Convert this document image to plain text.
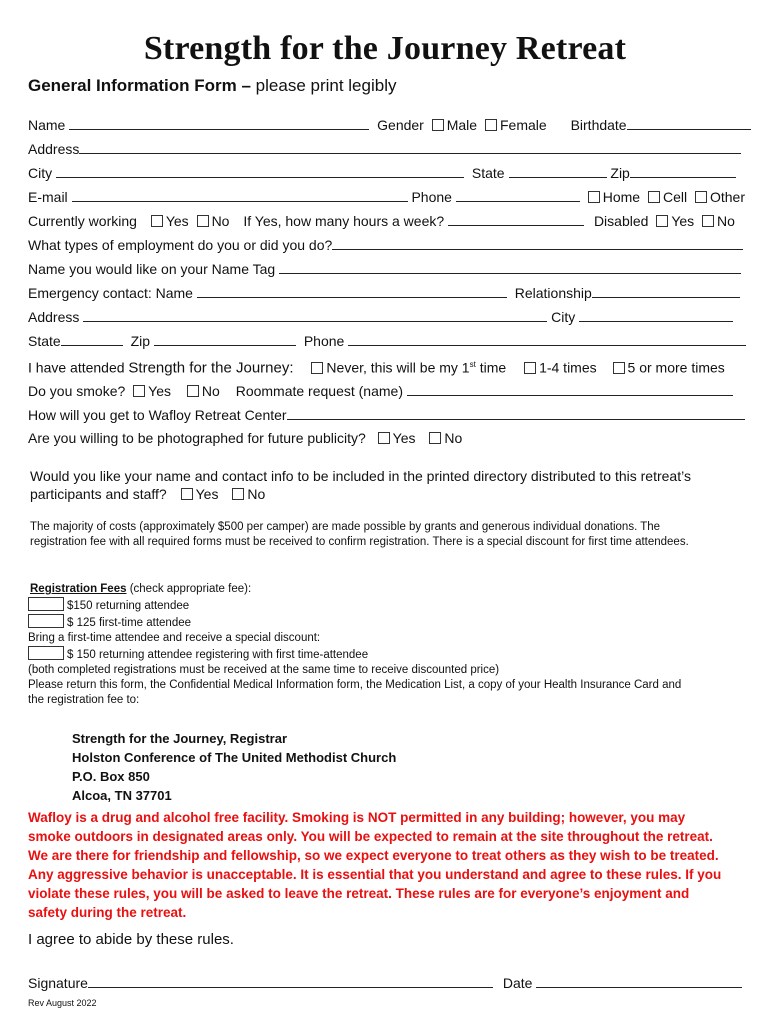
Strength for the Journey Retreat
General Information Form – please print legibly
Name	Gender Male Female Birthdate
Address
City	State	Zip
E-mail	Phone	Home Cell Other
Currently working Yes No If Yes, how many hours a week?	Disabled Yes No
What types of employment do you or did you do?
Name you would like on your Name Tag
Emergency contact: Name	Relationship
Address	City
State	Zip	Phone
I have attended Strength for the Journey: Never, this will be my 1st time 1-4 times 5 or more times
Do you smoke? Yes No Roommate request (name)
How will you get to Wafloy Retreat Center
Are you willing to be photographed for future publicity? Yes No
Would you like your name and contact info to be included in the printed directory distributed to this retreat’s
participants and staff? Yes No
The majority of costs (approximately $500 per camper) are made possible by grants and generous individual donations. The
registration fee with all required forms must be received to confirm registration. There is a special discount for first time attendees.
Registration Fees (check appropriate fee):
$150 returning attendee
$ 125 first-time attendee
Bring a first-time attendee and receive a special discount:
$ 150 returning attendee registering with first time-attendee
(both completed registrations must be received at the same time to receive discounted price)
Please return this form, the Confidential Medical Information form, the Medication List, a copy of your Health Insurance Card and
the registration fee to:
Strength for the Journey, Registrar
Holston Conference of The United Methodist Church
P.O. Box 850
Alcoa, TN 37701
Wafloy is a drug and alcohol free facility. Smoking is NOT permitted in any building; however, you may
smoke outdoors in designated areas only. You will be expected to remain at the site throughout the retreat.
We are there for friendship and fellowship, so we expect everyone to treat others as they wish to be treated.
Any aggressive behavior is unacceptable. It is essential that you understand and agree to these rules. If you
violate these rules, you will be asked to leave the retreat. These rules are for everyone’s enjoyment and
safety during the retreat.
I agree to abide by these rules.
Signature	Date
Rev August 2022
